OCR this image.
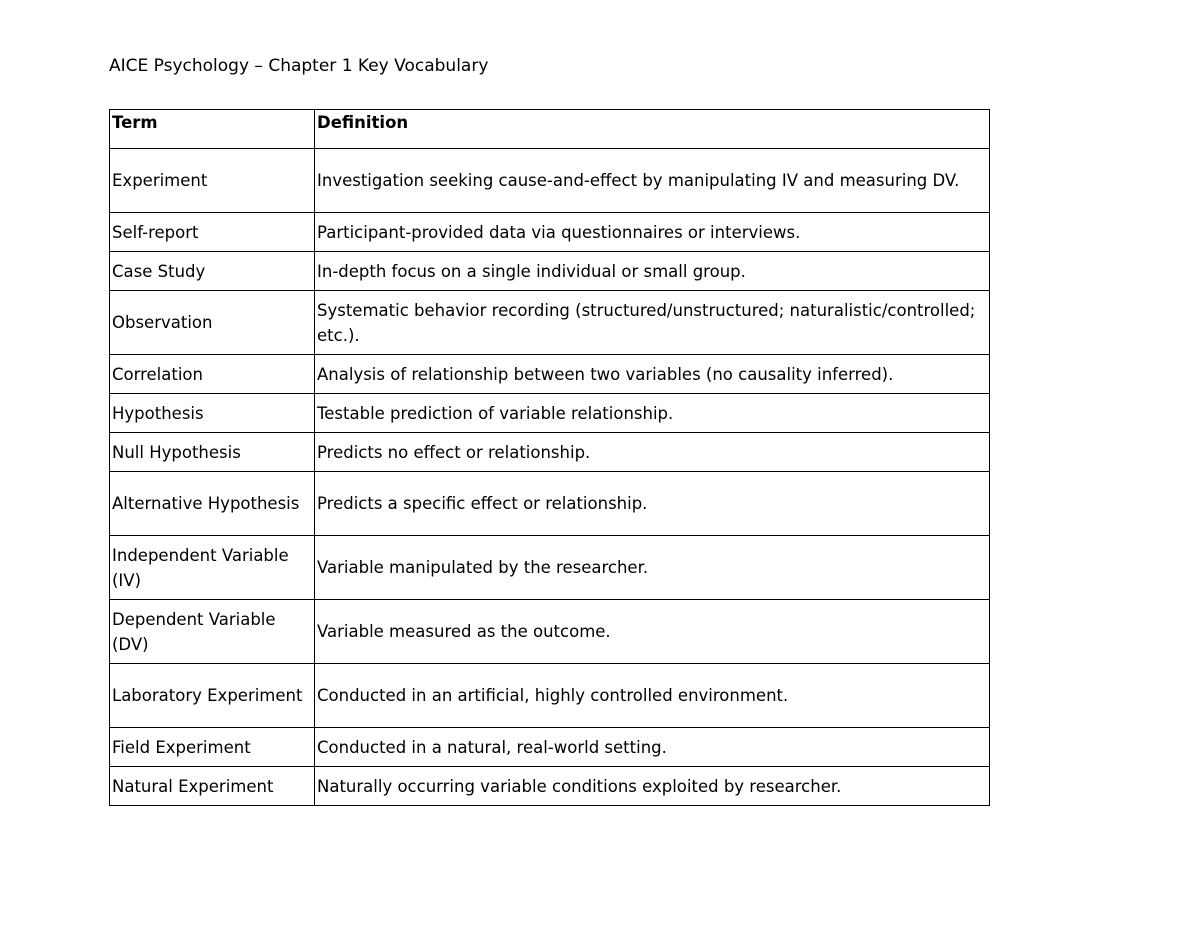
AICE Psychology – Chapter 1 Key Vocabulary
Term	Definition
Experiment	Investigation seeking cause-and-effect by manipulating IV and measuring DV.
Self-report	Participant-provided data via questionnaires or interviews.
Case Study	In-depth focus on a single individual or small group.
Observation	Systematic behavior recording (structured/unstructured; naturalistic/controlled; etc.).
Correlation	Analysis of relationship between two variables (no causality inferred).
Hypothesis	Testable prediction of variable relationship.
Null Hypothesis	Predicts no effect or relationship.
Alternative Hypothesis	Predicts a specific effect or relationship.
Independent Variable (IV)	Variable manipulated by the researcher.
Dependent Variable (DV)	Variable measured as the outcome.
Laboratory Experiment	Conducted in an artificial, highly controlled environment.
Field Experiment	Conducted in a natural, real-world setting.
Natural Experiment	Naturally occurring variable conditions exploited by researcher.
